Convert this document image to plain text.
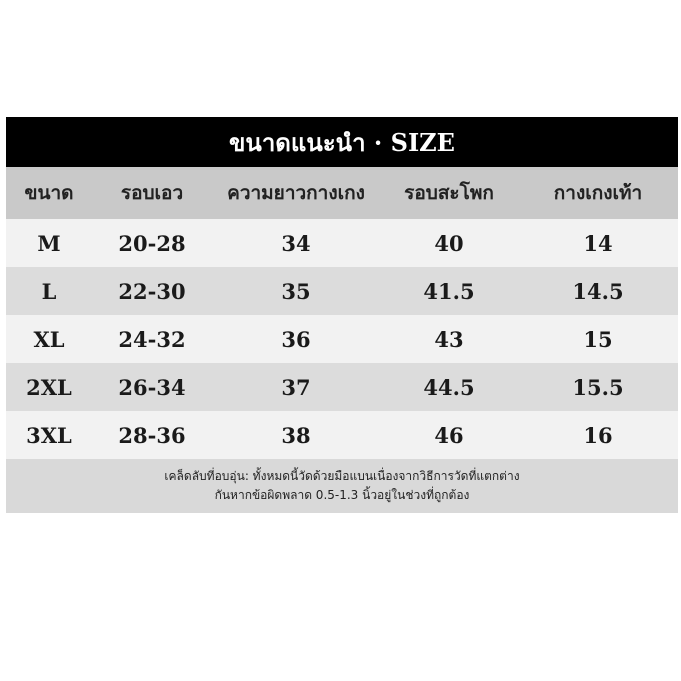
ขนาดแนะนำ · SIZE
ขนาด	รอบเอว	ความยาวกางเกง	รอบสะโพก	กางเกงเท้า
M	20-28	34	40	14
L	22-30	35	41.5	14.5
XL	24-32	36	43	15
2XL	26-34	37	44.5	15.5
3XL	28-36	38	46	16
เคล็ดลับที่อบอุ่น: ทั้งหมดนี้วัดด้วยมือแบนเนื่องจากวิธีการวัดที่แตกต่าง
กันหากข้อผิดพลาด 0.5-1.3 นิ้วอยู่ในช่วงที่ถูกต้อง
